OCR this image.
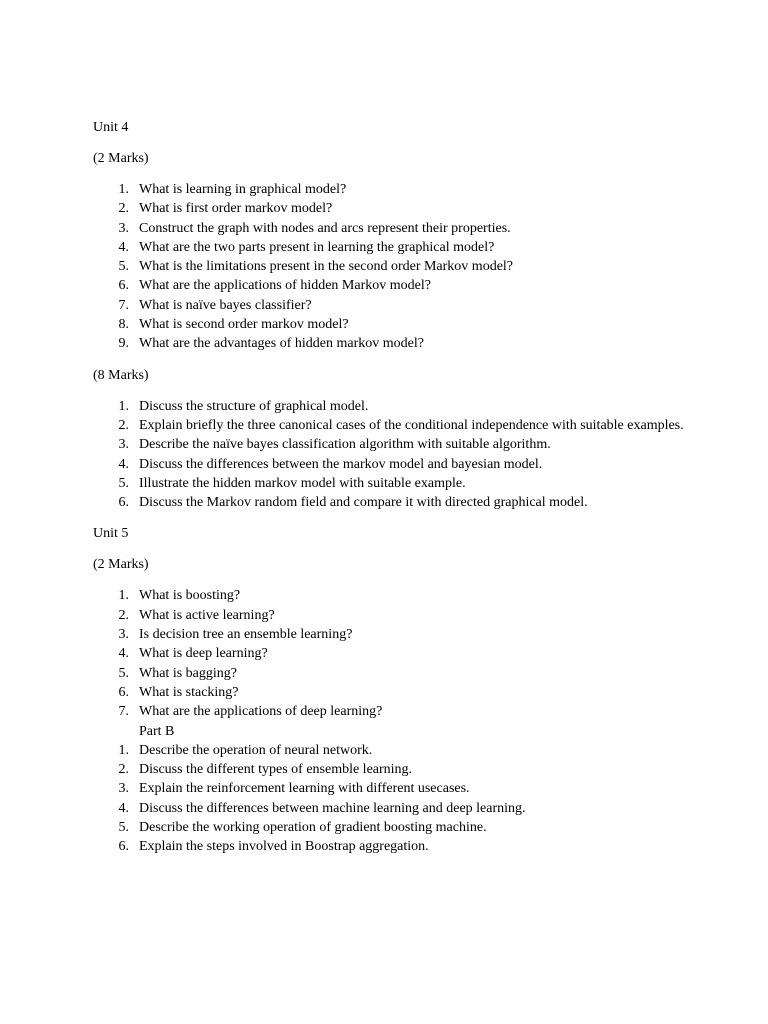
Unit 4

(2 Marks)

1 . What is learning in graphical model?
2 . What is first order markov model?
3 . Construct the graph with nodes and arcs represent their properties.
4 . What are the two parts present in learning the graphical model?
5 . What is the limitations present in the second order Markov model?
6 . What are the applications of hidden Markov model?
7 . What is naïve bayes classifier?
8 . What is second order markov model?
9 . What are the advantages of hidden markov model?

(8 Marks)

1 . Discuss the structure of graphical model.
2 . Explain briefly the three canonical cases of the conditional independence with suitable examples.
3 . Describe the naïve bayes classification algorithm with suitable algorithm.
4 . Discuss the differences between the markov model and bayesian model.
5 . Illustrate the hidden markov model with suitable example.
6 . Discuss the Markov random field and compare it with directed graphical model.

Unit 5

(2 Marks)

1 . What is boosting?
2 . What is active learning?
3 . Is decision tree an ensemble learning?
4 . What is deep learning?
5 . What is bagging?
6 . What is stacking?
7 . What are the applications of deep learning?
Part B
1 . Describe the operation of neural network.
2 . Discuss the different types of ensemble learning.
3 . Explain the reinforcement learning with different usecases.
4 . Discuss the differences between machine learning and deep learning.
5 . Describe the working operation of gradient boosting machine.
6 . Explain the steps involved in Boostrap aggregation.
